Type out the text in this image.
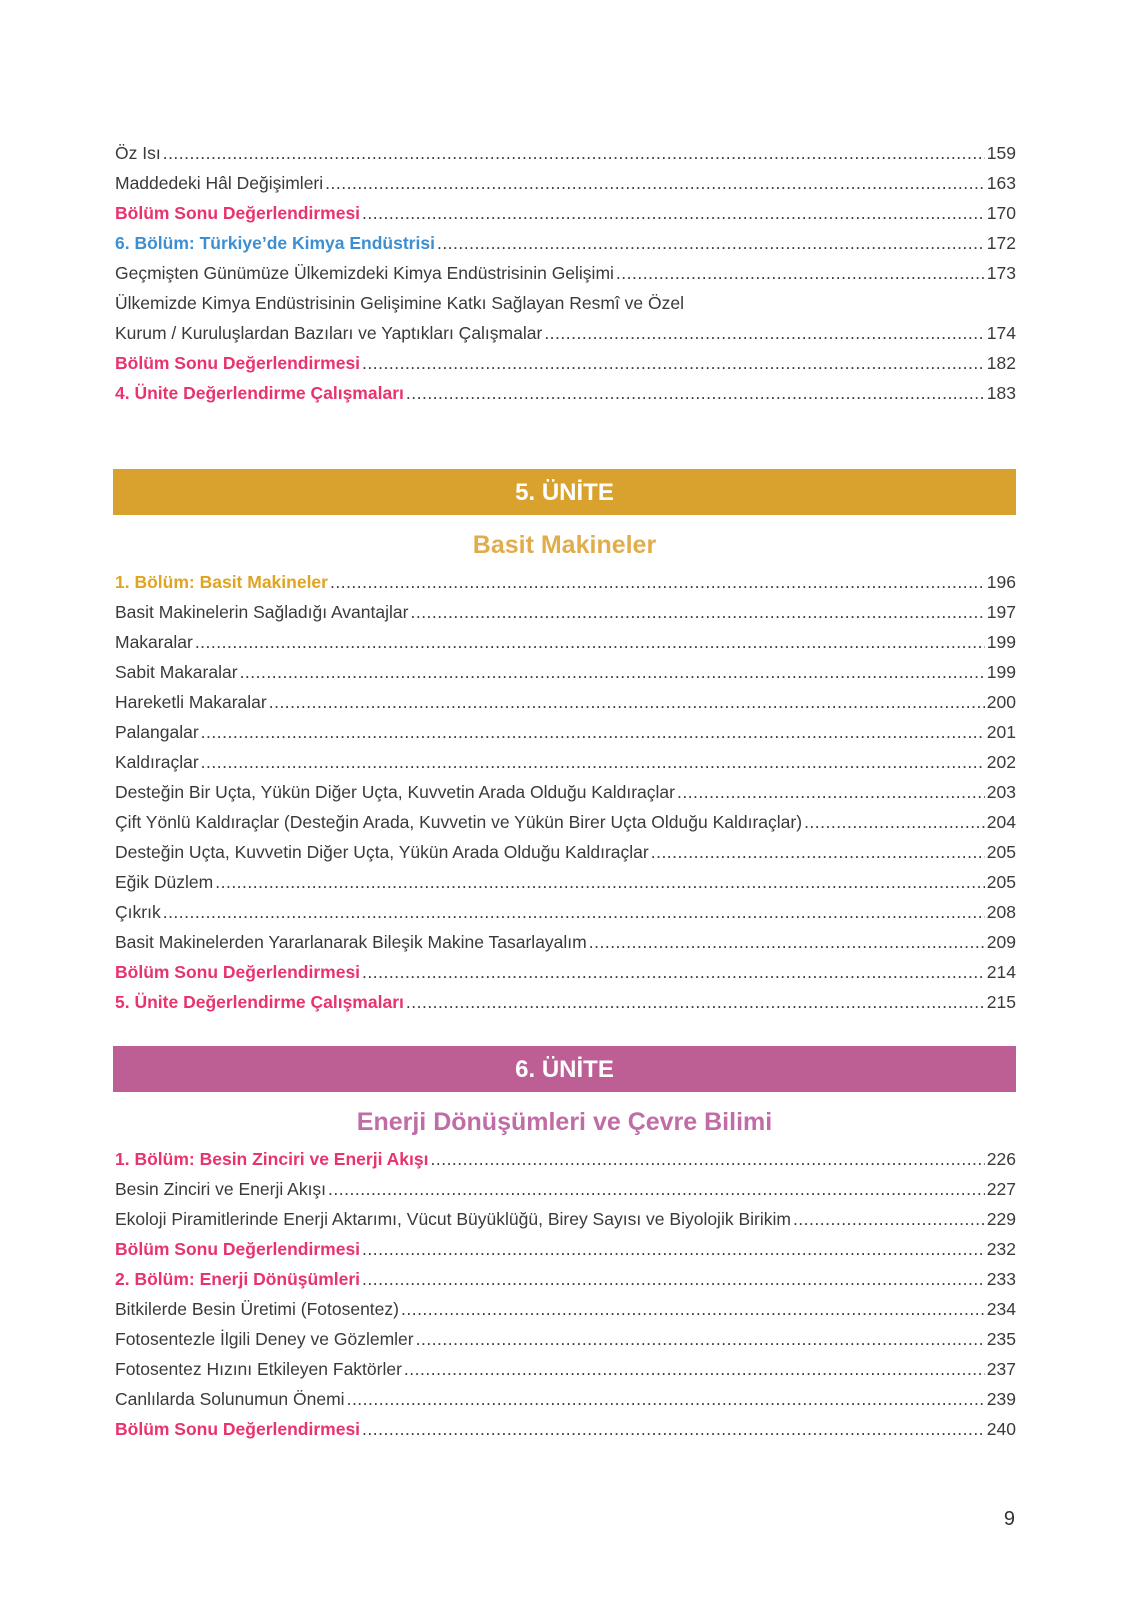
Öz Isı .....	159
Maddedeki Hâl Değişimleri .....	163
Bölüm Sonu Değerlendirmesi .....	170
6. Bölüm: Türkiye’de Kimya Endüstrisi .....	172
Geçmişten Günümüze Ülkemizdeki Kimya Endüstrisinin Gelişimi .....	173
Ülkemizde Kimya Endüstrisinin Gelişimine Katkı Sağlayan Resmî ve Özel
Kurum / Kuruluşlardan Bazıları ve Yaptıkları Çalışmalar .....	174
Bölüm Sonu Değerlendirmesi .....	182
4. Ünite Değerlendirme Çalışmaları .....	183
5. ÜNİTE
Basit Makineler
1. Bölüm: Basit Makineler .....	196
Basit Makinelerin Sağladığı Avantajlar .....	197
Makaralar .....	199
Sabit Makaralar .....	199
Hareketli Makaralar .....	200
Palangalar .....	201
Kaldıraçlar .....	202
Desteğin Bir Uçta, Yükün Diğer Uçta, Kuvvetin Arada Olduğu Kaldıraçlar .....	203
Çift Yönlü Kaldıraçlar (Desteğin Arada, Kuvvetin ve Yükün Birer Uçta Olduğu Kaldıraçlar) .....	204
Desteğin Uçta, Kuvvetin Diğer Uçta, Yükün Arada Olduğu Kaldıraçlar .....	205
Eğik Düzlem .....	205
Çıkrık .....	208
Basit Makinelerden Yararlanarak Bileşik Makine Tasarlayalım .....	209
Bölüm Sonu Değerlendirmesi .....	214
5. Ünite Değerlendirme Çalışmaları .....	215
6. ÜNİTE
Enerji Dönüşümleri ve Çevre Bilimi
1. Bölüm: Besin Zinciri ve Enerji Akışı .....	226
Besin Zinciri ve Enerji Akışı .....	227
Ekoloji Piramitlerinde Enerji Aktarımı, Vücut Büyüklüğü, Birey Sayısı ve Biyolojik Birikim .....	229
Bölüm Sonu Değerlendirmesi .....	232
2. Bölüm: Enerji Dönüşümleri .....	233
Bitkilerde Besin Üretimi (Fotosentez) .....	234
Fotosentezle İlgili Deney ve Gözlemler .....	235
Fotosentez Hızını Etkileyen Faktörler .....	237
Canlılarda Solunumun Önemi .....	239
Bölüm Sonu Değerlendirmesi .....	240
9
